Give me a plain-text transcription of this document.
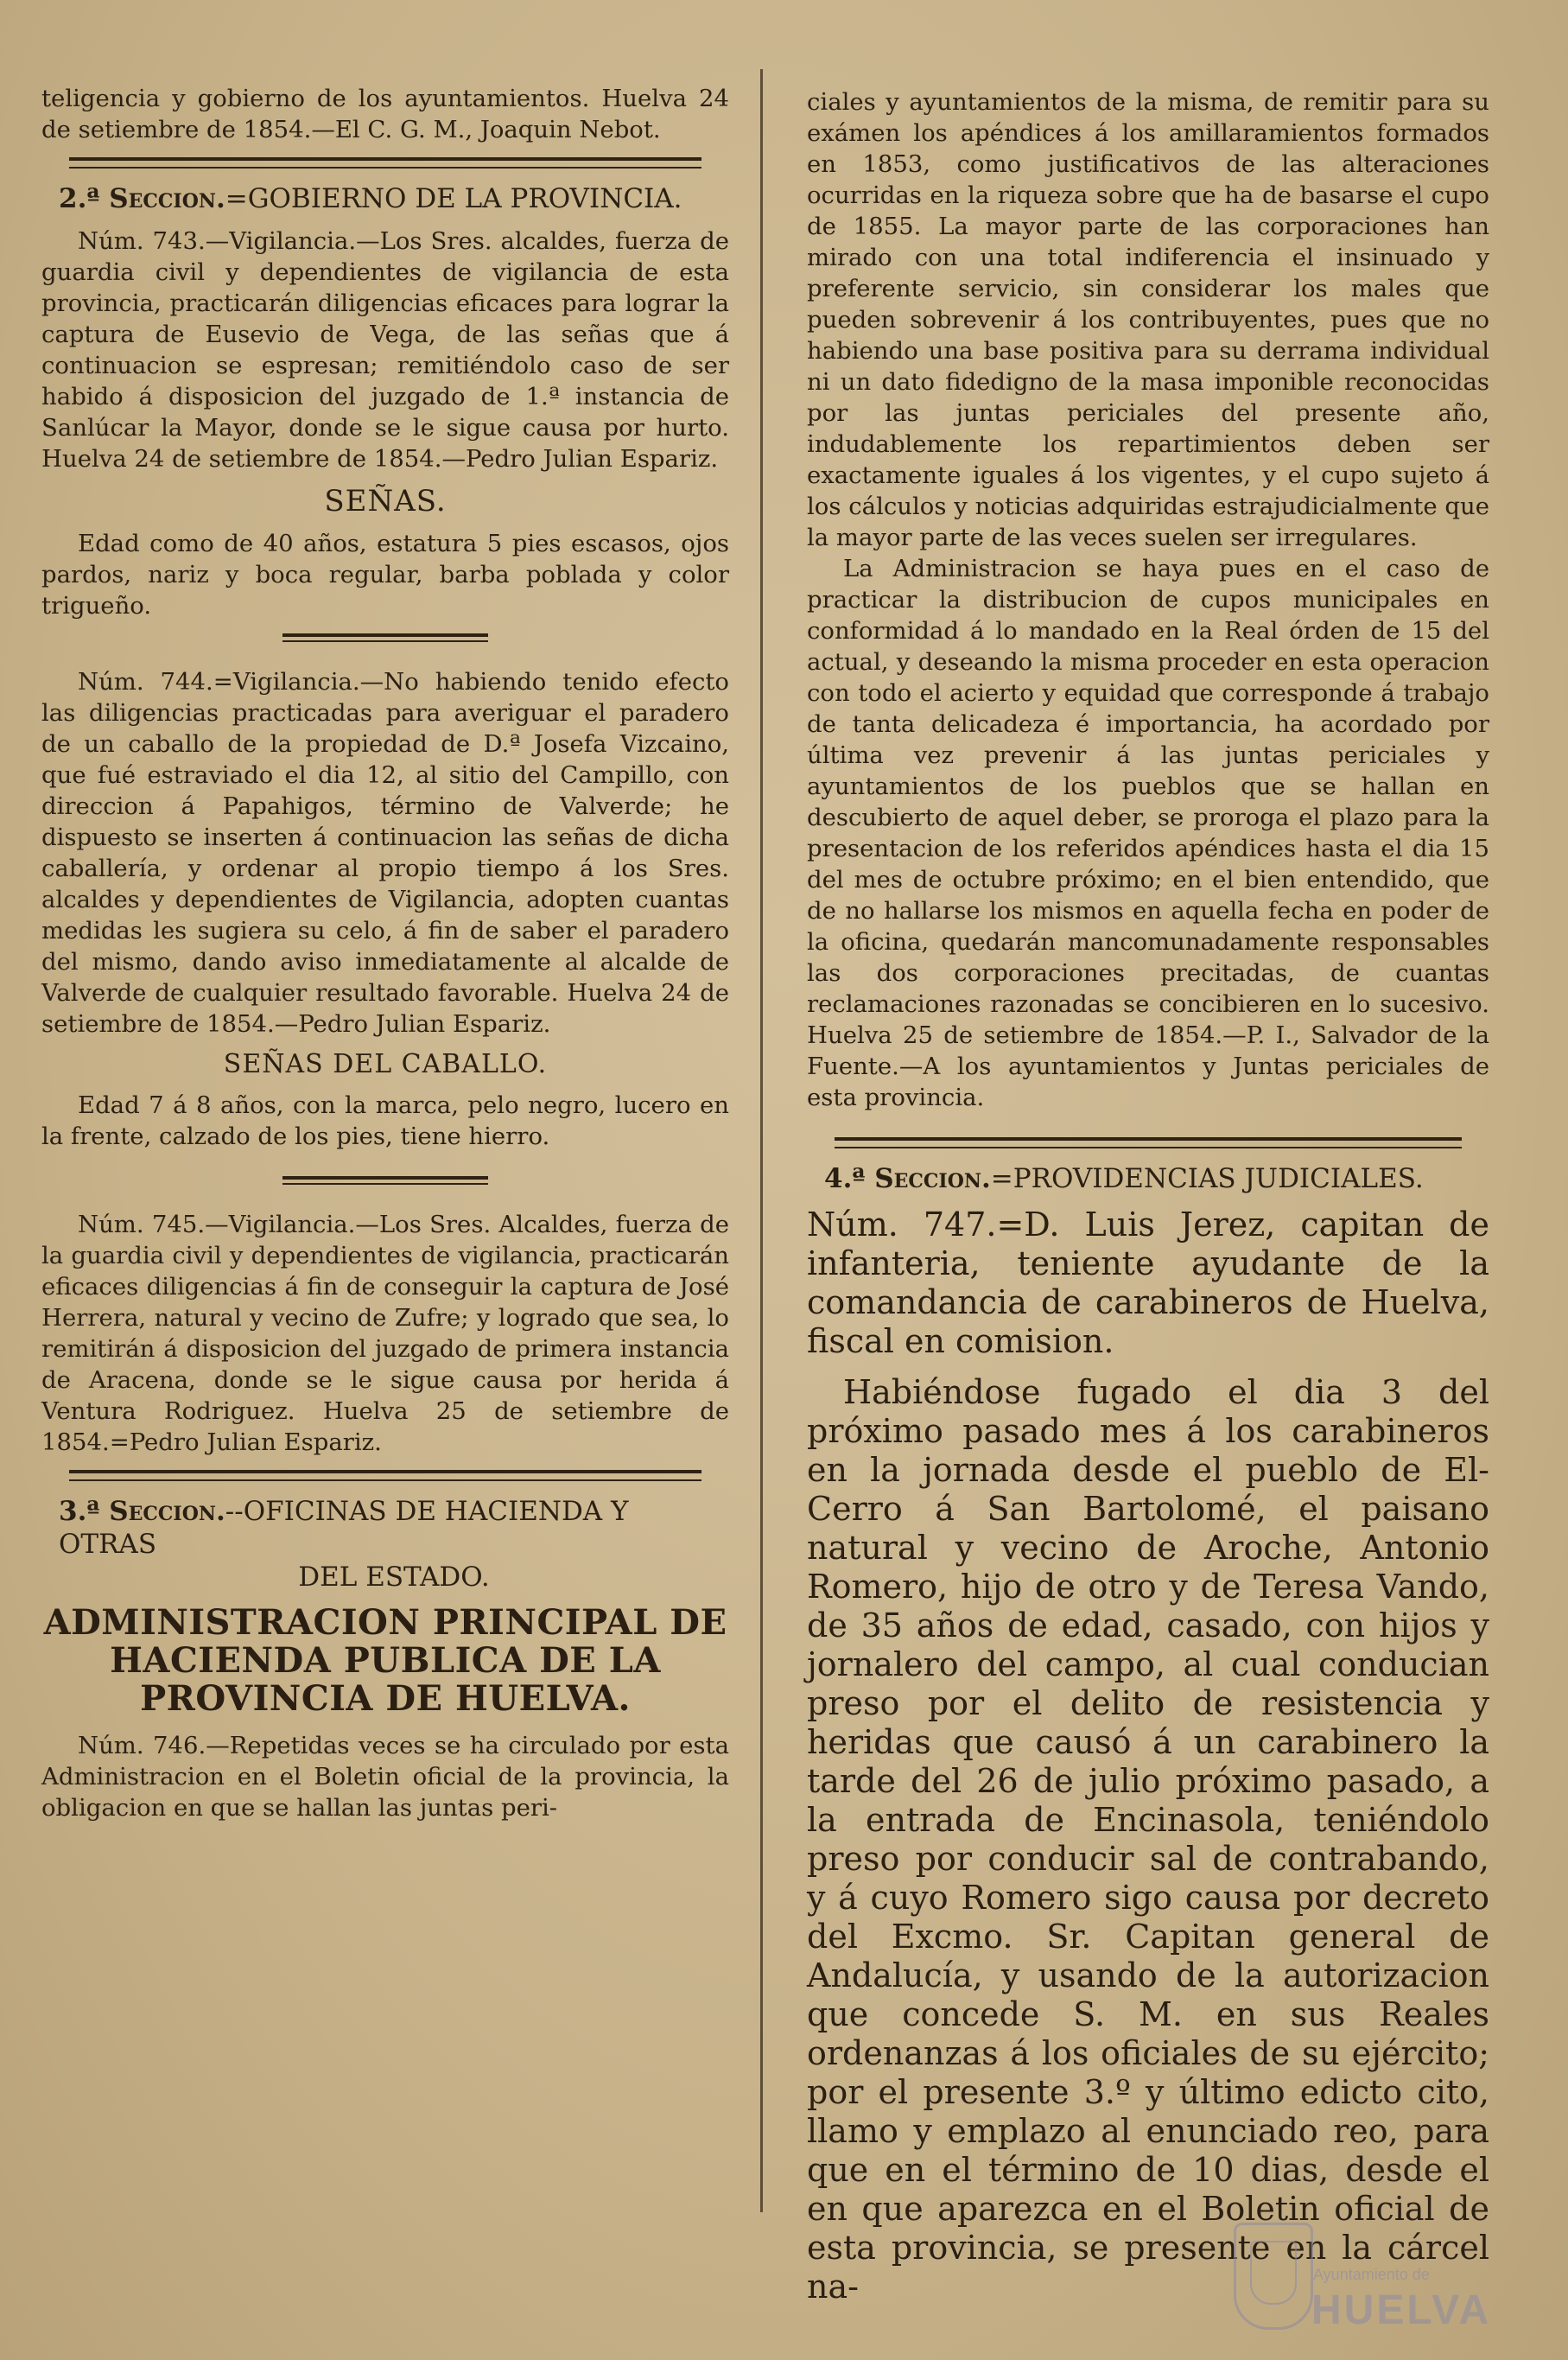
teligencia y gobierno de los ayuntamientos. Huelva 24 de setiembre de 1854.—El C. G. M., Joaquin Nebot.

2.ª Seccion.=GOBIERNO DE LA PROVINCIA.

Núm. 743.—Vigilancia.—Los Sres. alcaldes, fuerza de guardia civil y dependientes de vigilancia de esta provincia, practicarán diligencias eficaces para lograr la captura de Eusevio de Vega, de las señas que á continuacion se espresan; remitiéndolo caso de ser habido á disposicion del juzgado de 1.ª instancia de Sanlúcar la Mayor, donde se le sigue causa por hurto. Huelva 24 de setiembre de 1854.—Pedro Julian Espariz.

SEÑAS.

Edad como de 40 años, estatura 5 pies escasos, ojos pardos, nariz y boca regular, barba poblada y color trigueño.

Núm. 744.=Vigilancia.—No habiendo tenido efecto las diligencias practicadas para averiguar el paradero de un caballo de la propiedad de D.ª Josefa Vizcaino, que fué estraviado el dia 12, al sitio del Campillo, con direccion á Papahigos, término de Valverde; he dispuesto se inserten á continuacion las señas de dicha caballería, y ordenar al propio tiempo á los Sres. alcaldes y dependientes de Vigilancia, adopten cuantas medidas les sugiera su celo, á fin de saber el paradero del mismo, dando aviso inmediatamente al alcalde de Valverde de cualquier resultado favorable. Huelva 24 de setiembre de 1854.—Pedro Julian Espariz.

SEÑAS DEL CABALLO.

Edad 7 á 8 años, con la marca, pelo negro, lucero en la frente, calzado de los pies, tiene hierro.

Núm. 745.—Vigilancia.—Los Sres. Alcaldes, fuerza de la guardia civil y dependientes de vigilancia, practicarán eficaces diligencias á fin de conseguir la captura de José Herrera, natural y vecino de Zufre; y logrado que sea, lo remitirán á disposicion del juzgado de primera instancia de Aracena, donde se le sigue causa por herida á Ventura Rodriguez. Huelva 25 de setiembre de 1854.=Pedro Julian Espariz.

3.ª Seccion.--OFICINAS DE HACIENDA Y OTRAS
DEL ESTADO.
ADMINISTRACION PRINCIPAL DE HACIENDA PUBLICA DE LA PROVINCIA DE HUELVA.

Núm. 746.—Repetidas veces se ha circulado por esta Administracion en el Boletin oficial de la provincia, la obligacion en que se hallan las juntas peri-

ciales y ayuntamientos de la misma, de remitir para su exámen los apéndices á los amillaramientos formados en 1853, como justificativos de las alteraciones ocurridas en la riqueza sobre que ha de basarse el cupo de 1855. La mayor parte de las corporaciones han mirado con una total indiferencia el insinuado y preferente servicio, sin considerar los males que pueden sobrevenir á los contribuyentes, pues que no habiendo una base positiva para su derrama individual ni un dato fidedigno de la masa imponible reconocidas por las juntas periciales del presente año, indudablemente los repartimientos deben ser exactamente iguales á los vigentes, y el cupo sujeto á los cálculos y noticias adquiridas estrajudicialmente que la mayor parte de las veces suelen ser irregulares.

La Administracion se haya pues en el caso de practicar la distribucion de cupos municipales en conformidad á lo mandado en la Real órden de 15 del actual, y deseando la misma proceder en esta operacion con todo el acierto y equidad que corresponde á trabajo de tanta delicadeza é importancia, ha acordado por última vez prevenir á las juntas periciales y ayuntamientos de los pueblos que se hallan en descubierto de aquel deber, se proroga el plazo para la presentacion de los referidos apéndices hasta el dia 15 del mes de octubre próximo; en el bien entendido, que de no hallarse los mismos en aquella fecha en poder de la oficina, quedarán mancomunadamente responsables las dos corporaciones precitadas, de cuantas reclamaciones razonadas se concibieren en lo sucesivo. Huelva 25 de setiembre de 1854.—P. I., Salvador de la Fuente.—A los ayuntamientos y Juntas periciales de esta provincia.

4.ª Seccion.=PROVIDENCIAS JUDICIALES.

Núm. 747.=D. Luis Jerez, capitan de infanteria, teniente ayudante de la comandancia de carabineros de Huelva, fiscal en comision.

Habiéndose fugado el dia 3 del próximo pasado mes á los carabineros en la jornada desde el pueblo de El-Cerro á San Bartolomé, el paisano natural y vecino de Aroche, Antonio Romero, hijo de otro y de Teresa Vando, de 35 años de edad, casado, con hijos y jornalero del campo, al cual conducian preso por el delito de resistencia y heridas que causó á un carabinero la tarde del 26 de julio próximo pasado, a la entrada de Encinasola, teniéndolo preso por conducir sal de contrabando, y á cuyo Romero sigo causa por decreto del Excmo. Sr. Capitan general de Andalucía, y usando de la autorizacion que concede S. M. en sus Reales ordenanzas á los oficiales de su ejército; por el presente 3.º y último edicto cito, llamo y emplazo al enunciado reo, para que en el término de 10 dias, desde el en que aparezca en el Boletin oficial de esta provincia, se presente en la cárcel na-	Ayuntamiento de
HUELVA
